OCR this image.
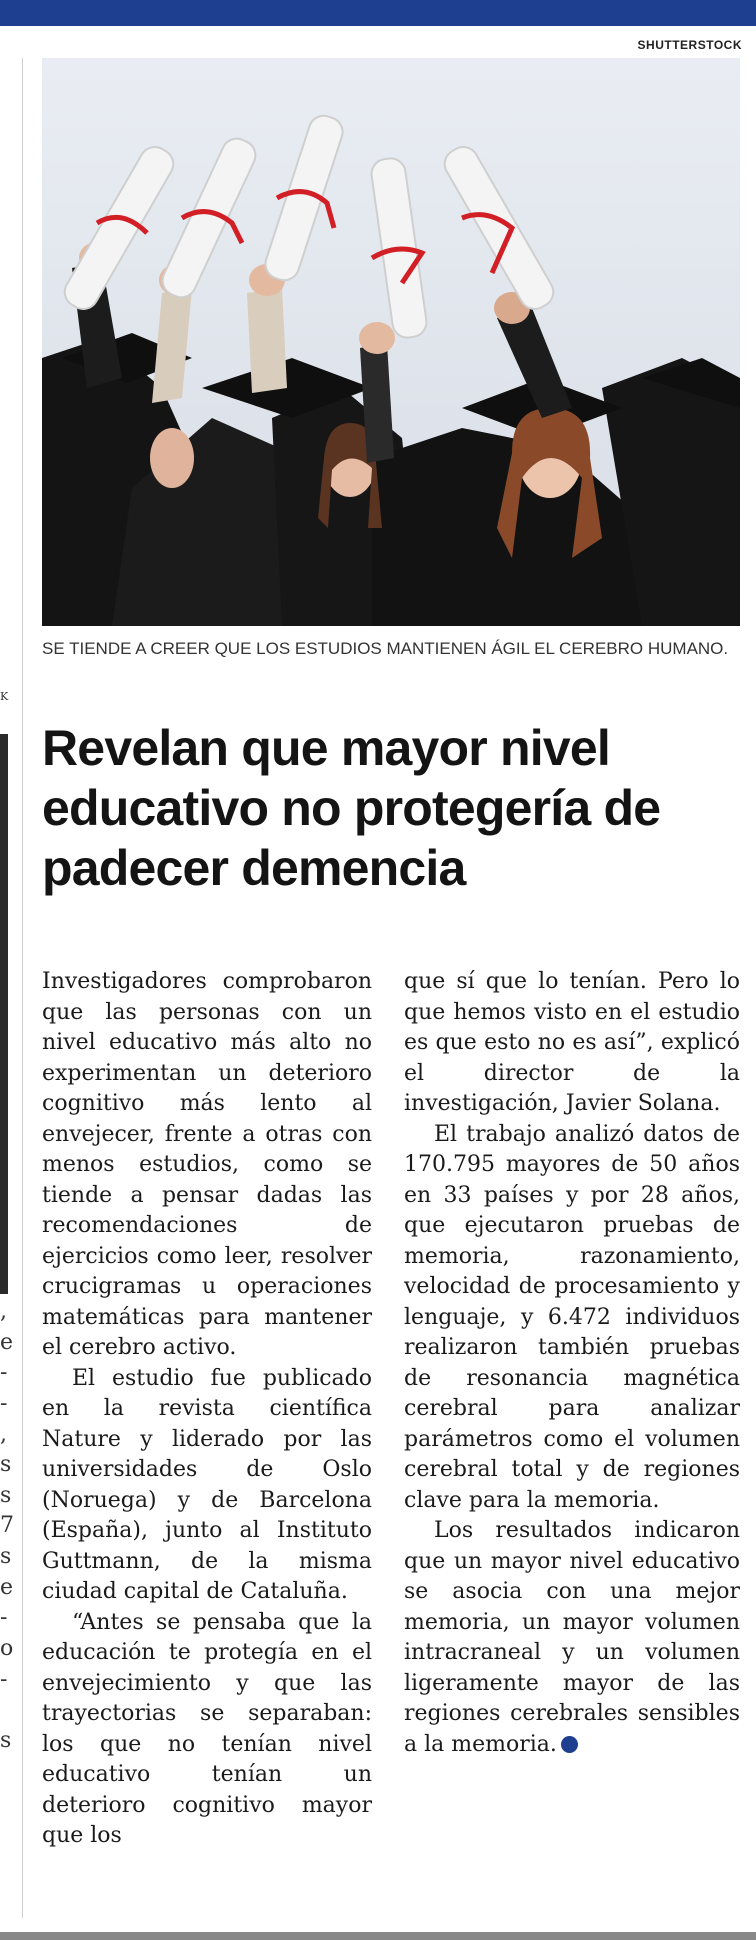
K
,
e
-
-
,
s
s
7
s
e
-
o
-
s
SHUTTERSTOCK
SE TIENDE A CREER QUE LOS ESTUDIOS MANTIENEN ÁGIL EL CEREBRO HUMANO.
Revelan que mayor nivel educativo no protegería de padecer demencia

Investigadores comprobaron que las personas con un nivel educativo más alto no experimentan un deterioro cognitivo más lento al envejecer, frente a otras con menos estudios, como se tiende a pensar dadas las recomendaciones de ejercicios como leer, resolver crucigramas u operaciones matemáticas para mantener el cerebro activo.

El estudio fue publicado en la revista científica Nature y liderado por las universidades de Oslo (Noruega) y de Barcelona (España), junto al Instituto Guttmann, de la misma ciudad capital de Cataluña.

“Antes se pensaba que la educación te protegía en el envejecimiento y que las trayectorias se separaban: los que no tenían nivel educativo tenían un deterioro cognitivo mayor que los

que sí que lo tenían. Pero lo que hemos visto en el estudio es que esto no es así”, explicó el director de la investigación, Javier Solana.

El trabajo analizó datos de 170.795 mayores de 50 años en 33 países y por 28 años, que ejecutaron pruebas de memoria, razonamiento, velocidad de procesamiento y lenguaje, y 6.472 individuos realizaron también pruebas de resonancia magnética cerebral para analizar parámetros como el volumen cerebral total y de regiones clave para la memoria.

Los resultados indicaron que un mayor nivel educativo se asocia con una mejor memoria, un mayor volumen intracraneal y un volumen ligeramente mayor de las regiones cerebrales sensibles a la memoria.	✪
